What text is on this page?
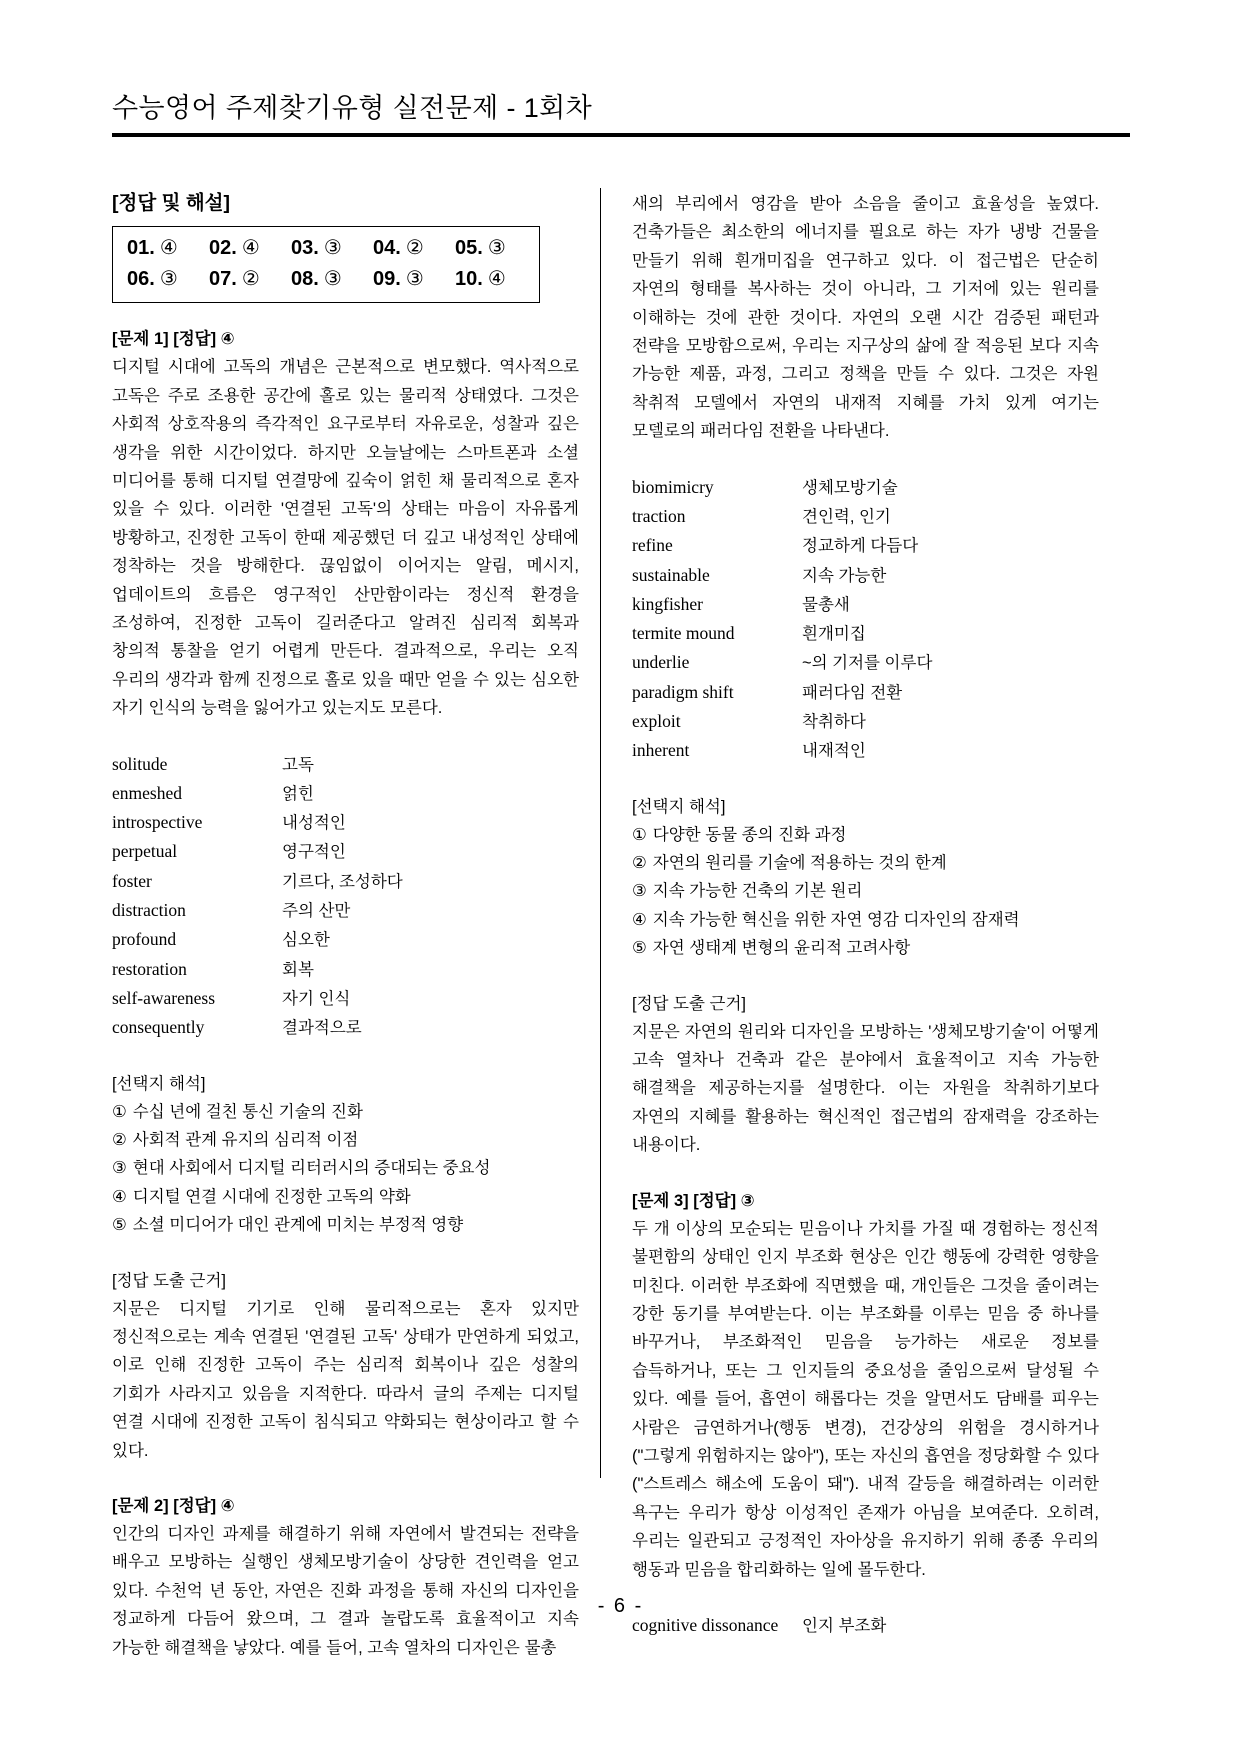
수능영어 주제찾기유형 실전문제 - 1회차
[정답 및 해설]
01. ④	02. ④	03. ③	04. ②	05. ③
06. ③	07. ②	08. ③	09. ③	10. ④
[문제 1] [정답] ④

디지털 시대에 고독의 개념은 근본적으로 변모했다. 역사적으로 고독은 주로 조용한 공간에 홀로 있는 물리적 상태였다. 그것은 사회적 상호작용의 즉각적인 요구로부터 자유로운, 성찰과 깊은 생각을 위한 시간이었다. 하지만 오늘날에는 스마트폰과 소셜 미디어를 통해 디지털 연결망에 깊숙이 얽힌 채 물리적으로 혼자 있을 수 있다. 이러한 '연결된 고독'의 상태는 마음이 자유롭게 방황하고, 진정한 고독이 한때 제공했던 더 깊고 내성적인 상태에 정착하는 것을 방해한다. 끊임없이 이어지는 알림, 메시지, 업데이트의 흐름은 영구적인 산만함이라는 정신적 환경을 조성하여, 진정한 고독이 길러준다고 알려진 심리적 회복과 창의적 통찰을 얻기 어렵게 만든다. 결과적으로, 우리는 오직 우리의 생각과 함께 진정으로 홀로 있을 때만 얻을 수 있는 심오한 자기 인식의 능력을 잃어가고 있는지도 모른다.

solitude	고독
enmeshed	얽힌
introspective	내성적인
perpetual	영구적인
foster	기르다, 조성하다
distraction	주의 산만
profound	심오한
restoration	회복
self-awareness	자기 인식
consequently	결과적으로
[선택지 해석]
① 수십 년에 걸친 통신 기술의 진화
② 사회적 관계 유지의 심리적 이점
③ 현대 사회에서 디지털 리터러시의 증대되는 중요성
④ 디지털 연결 시대에 진정한 고독의 약화
⑤ 소셜 미디어가 대인 관계에 미치는 부정적 영향
[정답 도출 근거]

지문은 디지털 기기로 인해 물리적으로는 혼자 있지만 정신적으로는 계속 연결된 '연결된 고독' 상태가 만연하게 되었고, 이로 인해 진정한 고독이 주는 심리적 회복이나 깊은 성찰의 기회가 사라지고 있음을 지적한다. 따라서 글의 주제는 디지털 연결 시대에 진정한 고독이 침식되고 약화되는 현상이라고 할 수 있다.

[문제 2] [정답] ④

인간의 디자인 과제를 해결하기 위해 자연에서 발견되는 전략을 배우고 모방하는 실행인 생체모방기술이 상당한 견인력을 얻고 있다. 수천억 년 동안, 자연은 진화 과정을 통해 자신의 디자인을 정교하게 다듬어 왔으며, 그 결과 놀랍도록 효율적이고 지속 가능한 해결책을 낳았다. 예를 들어, 고속 열차의 디자인은 물총

새의 부리에서 영감을 받아 소음을 줄이고 효율성을 높였다. 건축가들은 최소한의 에너지를 필요로 하는 자가 냉방 건물을 만들기 위해 흰개미집을 연구하고 있다. 이 접근법은 단순히 자연의 형태를 복사하는 것이 아니라, 그 기저에 있는 원리를 이해하는 것에 관한 것이다. 자연의 오랜 시간 검증된 패턴과 전략을 모방함으로써, 우리는 지구상의 삶에 잘 적응된 보다 지속 가능한 제품, 과정, 그리고 정책을 만들 수 있다. 그것은 자원 착취적 모델에서 자연의 내재적 지혜를 가치 있게 여기는 모델로의 패러다임 전환을 나타낸다.

biomimicry	생체모방기술
traction	견인력, 인기
refine	정교하게 다듬다
sustainable	지속 가능한
kingfisher	물총새
termite mound	흰개미집
underlie	~의 기저를 이루다
paradigm shift	패러다임 전환
exploit	착취하다
inherent	내재적인
[선택지 해석]
① 다양한 동물 종의 진화 과정
② 자연의 원리를 기술에 적용하는 것의 한계
③ 지속 가능한 건축의 기본 원리
④ 지속 가능한 혁신을 위한 자연 영감 디자인의 잠재력
⑤ 자연 생태계 변형의 윤리적 고려사항
[정답 도출 근거]

지문은 자연의 원리와 디자인을 모방하는 '생체모방기술'이 어떻게 고속 열차나 건축과 같은 분야에서 효율적이고 지속 가능한 해결책을 제공하는지를 설명한다. 이는 자원을 착취하기보다 자연의 지혜를 활용하는 혁신적인 접근법의 잠재력을 강조하는 내용이다.

[문제 3] [정답] ③

두 개 이상의 모순되는 믿음이나 가치를 가질 때 경험하는 정신적 불편함의 상태인 인지 부조화 현상은 인간 행동에 강력한 영향을 미친다. 이러한 부조화에 직면했을 때, 개인들은 그것을 줄이려는 강한 동기를 부여받는다. 이는 부조화를 이루는 믿음 중 하나를 바꾸거나, 부조화적인 믿음을 능가하는 새로운 정보를 습득하거나, 또는 그 인지들의 중요성을 줄임으로써 달성될 수 있다. 예를 들어, 흡연이 해롭다는 것을 알면서도 담배를 피우는 사람은 금연하거나(행동 변경), 건강상의 위험을 경시하거나("그렇게 위험하지는 않아"), 또는 자신의 흡연을 정당화할 수 있다("스트레스 해소에 도움이 돼"). 내적 갈등을 해결하려는 이러한 욕구는 우리가 항상 이성적인 존재가 아님을 보여준다. 오히려, 우리는 일관되고 긍정적인 자아상을 유지하기 위해 종종 우리의 행동과 믿음을 합리화하는 일에 몰두한다.

cognitive dissonance	인지 부조화
- 6 -
